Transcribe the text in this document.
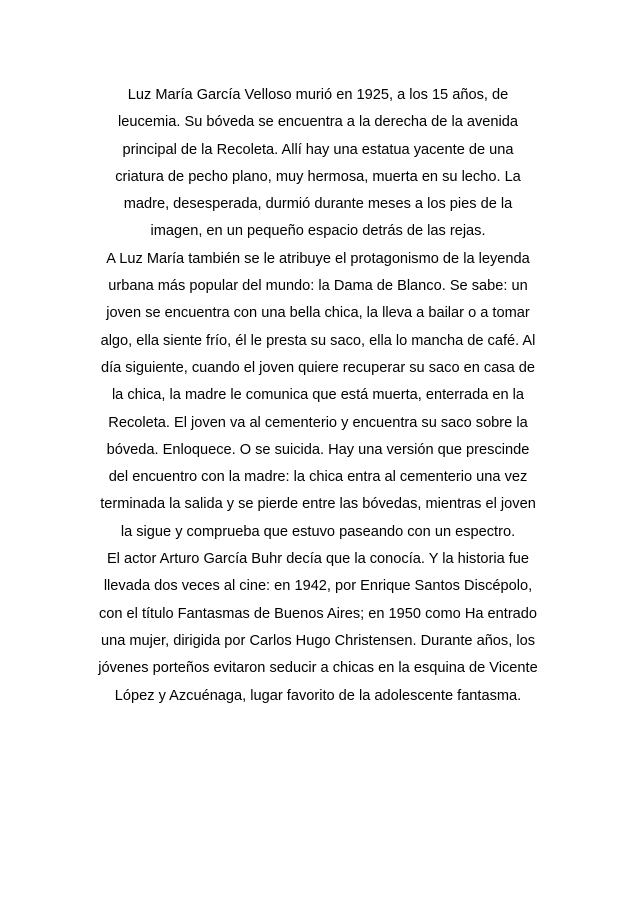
Luz María García Velloso murió en 1925, a los 15 años, de
leucemia. Su bóveda se encuentra a la derecha de la avenida
principal de la Recoleta. Allí hay una estatua yacente de una
criatura de pecho plano, muy hermosa, muerta en su lecho. La
madre, desesperada, durmió durante meses a los pies de la
imagen, en un pequeño espacio detrás de las rejas.
A Luz María también se le atribuye el protagonismo de la leyenda
urbana más popular del mundo: la Dama de Blanco. Se sabe: un
joven se encuentra con una bella chica, la lleva a bailar o a tomar
algo, ella siente frío, él le presta su saco, ella lo mancha de café. Al
día siguiente, cuando el joven quiere recuperar su saco en casa de
la chica, la madre le comunica que está muerta, enterrada en la
Recoleta. El joven va al cementerio y encuentra su saco sobre la
bóveda. Enloquece. O se suicida. Hay una versión que prescinde
del encuentro con la madre: la chica entra al cementerio una vez
terminada la salida y se pierde entre las bóvedas, mientras el joven
la sigue y comprueba que estuvo paseando con un espectro.
El actor Arturo García Buhr decía que la conocía. Y la historia fue
llevada dos veces al cine: en 1942, por Enrique Santos Discépolo,
con el título Fantasmas de Buenos Aires; en 1950 como Ha entrado
una mujer, dirigida por Carlos Hugo Christensen. Durante años, los
jóvenes porteños evitaron seducir a chicas en la esquina de Vicente
López y Azcuénaga, lugar favorito de la adolescente fantasma.
